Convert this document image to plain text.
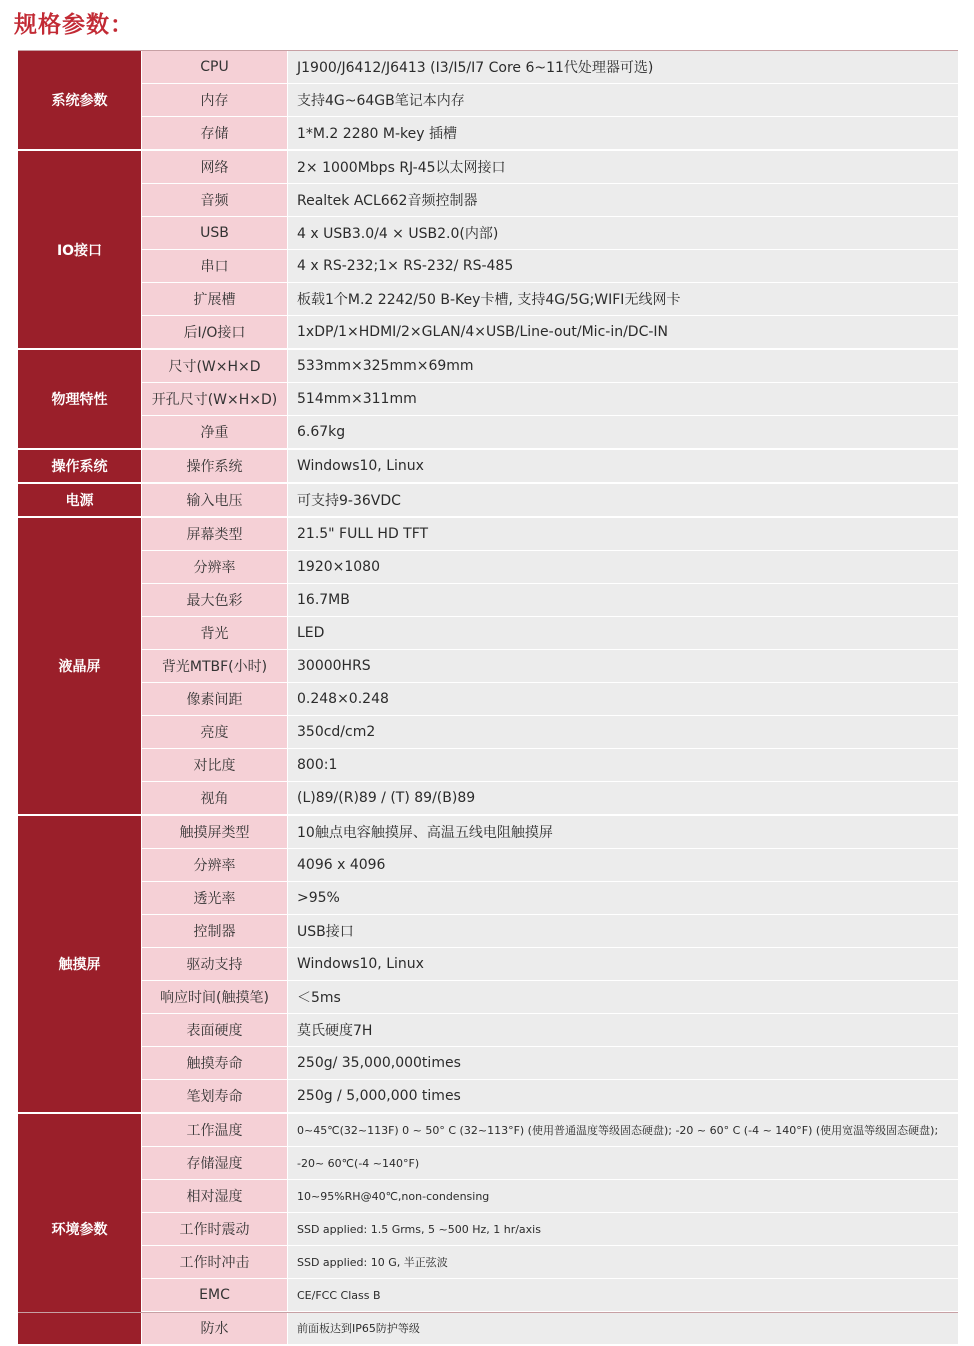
规格参数：
系统参数
CPU	J1900/J6412/J6413 (I3/I5/I7 Core 6~11代处理器可选)
内存	支持4G~64GB笔记本内存
存储	1*M.2 2280 M-key 插槽
IO接口
网络	2× 1000Mbps RJ-45以太网接口
音频	Realtek ACL662音频控制器
USB	4 x USB3.0/4 × USB2.0(内部)
串口	4 x RS-232;1× RS-232/ RS-485
扩展槽	板载1个M.2 2242/50 B-Key卡槽, 支持4G/5G;WIFI无线网卡
后I/O接口	1xDP/1×HDMI/2×GLAN/4×USB/Line-out/Mic-in/DC-IN
物理特性
尺寸(W×H×D	533mm×325mm×69mm
开孔尺寸(W×H×D)	514mm×311mm
净重	6.67kg
操作系统	操作系统	Windows10, Linux
电源	输入电压	可支持9-36VDC
液晶屏
屏幕类型	21.5" FULL HD TFT
分辨率	1920×1080
最大色彩	16.7MB
背光	LED
背光MTBF(小时)	30000HRS
像素间距	0.248×0.248
亮度	350cd/cm2
对比度	800:1
视角	(L)89/(R)89 / (T) 89/(B)89
触摸屏
触摸屏类型	10触点电容触摸屏、高温五线电阻触摸屏
分辨率	4096 x 4096
透光率	>95%
控制器	USB接口
驱动支持	Windows10, Linux
响应时间(触摸笔)	＜5ms
表面硬度	莫氏硬度7H
触摸寿命	250g/ 35,000,000times
笔划寿命	250g / 5,000,000 times
环境参数
工作温度	0~45℃(32~113F) 0 ~ 50° C (32~113°F) (使用普通温度等级固态硬盘); -20 ~ 60° C (-4 ~ 140°F) (使用宽温等级固态硬盘);
存储湿度	-20~ 60℃(-4 ~140°F)
相对湿度	10~95%RH@40℃,non-condensing
工作时震动	SSD applied: 1.5 Grms, 5 ~500 Hz, 1 hr/axis
工作时冲击	SSD applied: 10 G, 半正弦波
EMC	CE/FCC Class B
防水	前面板达到IP65防护等级
